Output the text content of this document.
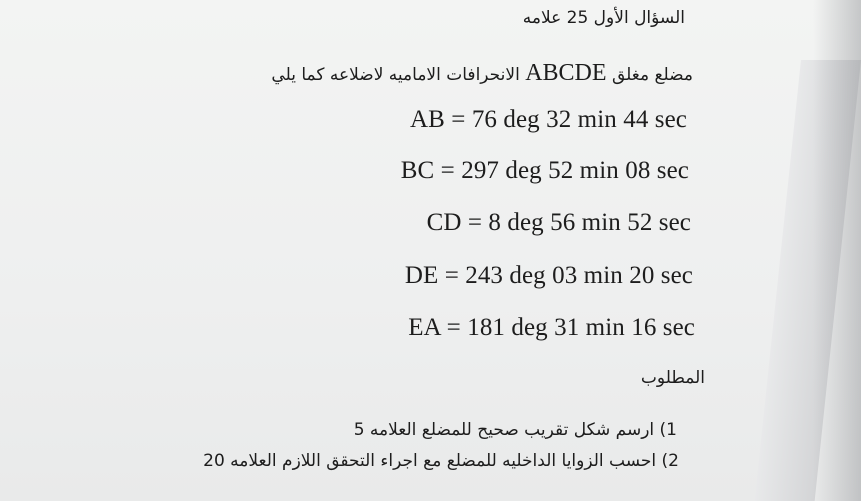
السؤال الأول 25 علامه
مضلع مغلق ABCDE الانحرافات الاماميه لاضلاعه كما يلي
AB = 76 deg 32 min 44 sec
BC = 297 deg 52 min 08 sec
CD = 8 deg 56 min 52 sec
DE = 243 deg 03 min 20 sec
EA = 181 deg 31 min 16 sec
المطلوب
1) ارسم شكل تقريب صحيح للمضلع العلامه 5
2) احسب الزوايا الداخليه للمضلع مع اجراء التحقق اللازم العلامه 20
